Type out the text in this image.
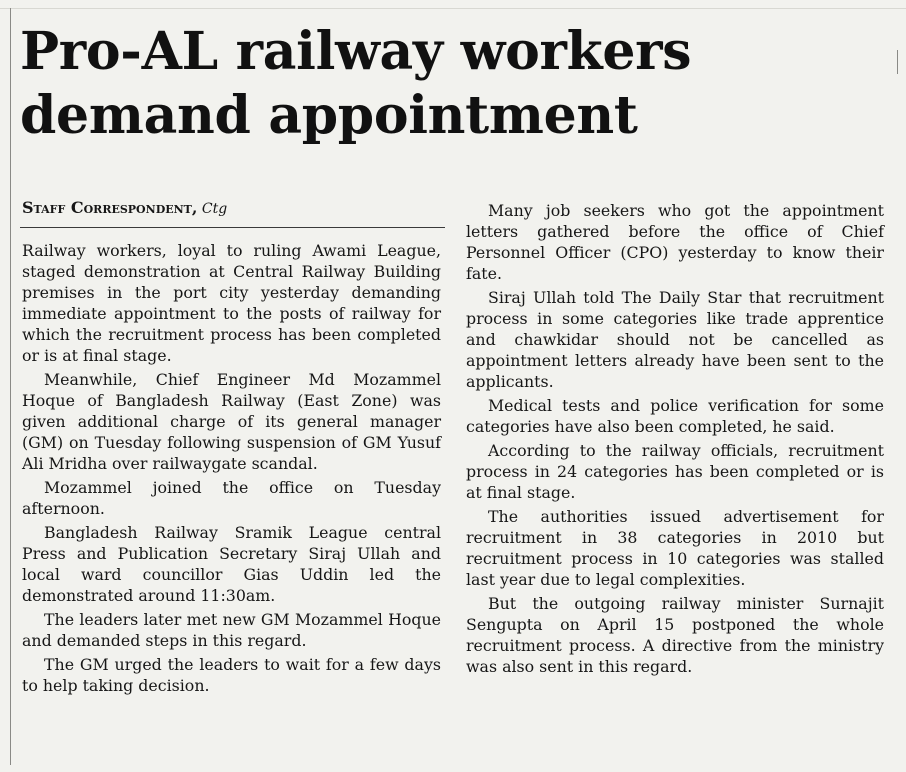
Pro-AL railway workers demand appointment
Staff Correspondent, Ctg

Railway workers, loyal to ruling Awami League, staged demonstration at Central Railway Building premises in the port city yesterday demanding immediate appointment to the posts of railway for which the recruitment process has been completed or is at final stage.

Meanwhile, Chief Engineer Md Mozammel Hoque of Bangladesh Railway (East Zone) was given additional charge of its general manager (GM) on Tuesday following suspension of GM Yusuf Ali Mridha over railwaygate scandal.

Mozammel joined the office on Tuesday afternoon.

Bangladesh Railway Sramik League central Press and Publication Secretary Siraj Ullah and local ward councillor Gias Uddin led the demonstrated around 11:30am.

The leaders later met new GM Mozammel Hoque and demanded steps in this regard.

The GM urged the leaders to wait for a few days to help taking decision.

Many job seekers who got the appointment letters gathered before the office of Chief Personnel Officer (CPO) yesterday to know their fate.

Siraj Ullah told The Daily Star that recruitment process in some categories like trade apprentice and chawkidar should not be cancelled as appointment letters already have been sent to the applicants.

Medical tests and police verification for some categories have also been completed, he said.

According to the railway officials, recruitment process in 24 categories has been completed or is at final stage.

The authorities issued advertisement for recruitment in 38 categories in 2010 but recruitment process in 10 categories was stalled last year due to legal complexities.

But the outgoing railway minister Surnajit Sengupta on April 15 postponed the whole recruitment process. A directive from the ministry was also sent in this regard.
